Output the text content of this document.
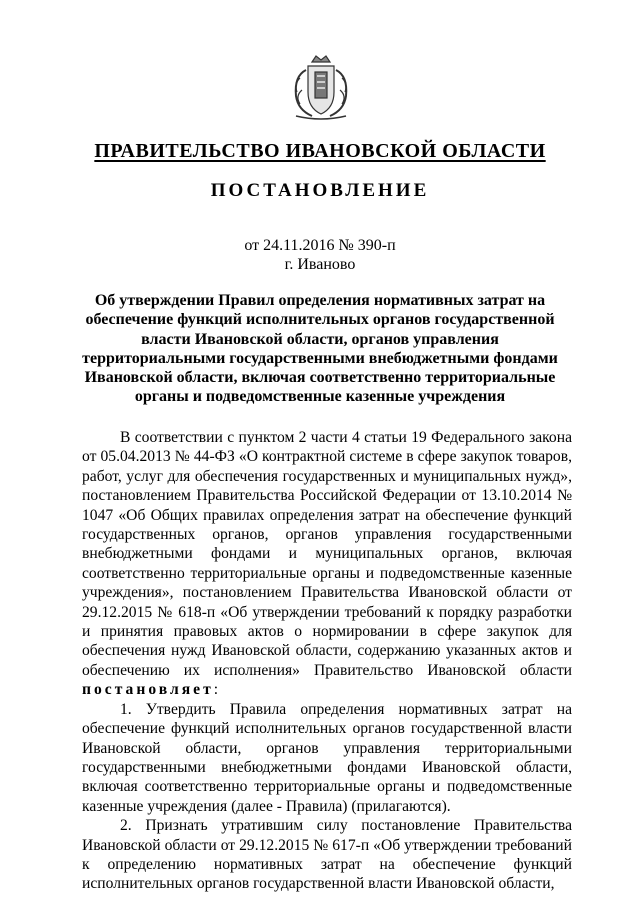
ПРАВИТЕЛЬСТВО ИВАНОВСКОЙ ОБЛАСТИ
ПОСТАНОВЛЕНИЕ
от 24.11.2016 № 390-п
г. Иваново
Об утверждении Правил определения нормативных затрат на обеспечение функций исполнительных органов государственной власти Ивановской области, органов управления территориальными государственными внебюджетными фондами Ивановской области, включая соответственно территориальные органы и подведомственные казенные учреждения

В соответствии с пунктом 2 части 4 статьи 19 Федерального закона от 05.04.2013 № 44-ФЗ «О контрактной системе в сфере закупок товаров, работ, услуг для обеспечения государственных и муниципальных нужд», постановлением Правительства Российской Федерации от 13.10.2014 № 1047 «Об Общих правилах определения затрат на обеспечение функций государственных органов, органов управления государственными внебюджетными фондами и муниципальных органов, включая соответственно территориальные органы и подведомственные казенные учреждения», постановлением Правительства Ивановской области от 29.12.2015 № 618-п «Об утверждении требований к порядку разработки и принятия правовых актов о нормировании в сфере закупок для обеспечения нужд Ивановской области, содержанию указанных актов и обеспечению их исполнения» Правительство Ивановской области постановляет:

1. Утвердить Правила определения нормативных затрат на обеспечение функций исполнительных органов государственной власти Ивановской области, органов управления территориальными государственными внебюджетными фондами Ивановской области, включая соответственно территориальные органы и подведомственные казенные учреждения (далее - Правила) (прилагаются).

2. Признать утратившим силу постановление Правительства Ивановской области от 29.12.2015 № 617-п «Об утверждении требований к определению нормативных затрат на обеспечение функций исполнительных органов государственной власти Ивановской области,
